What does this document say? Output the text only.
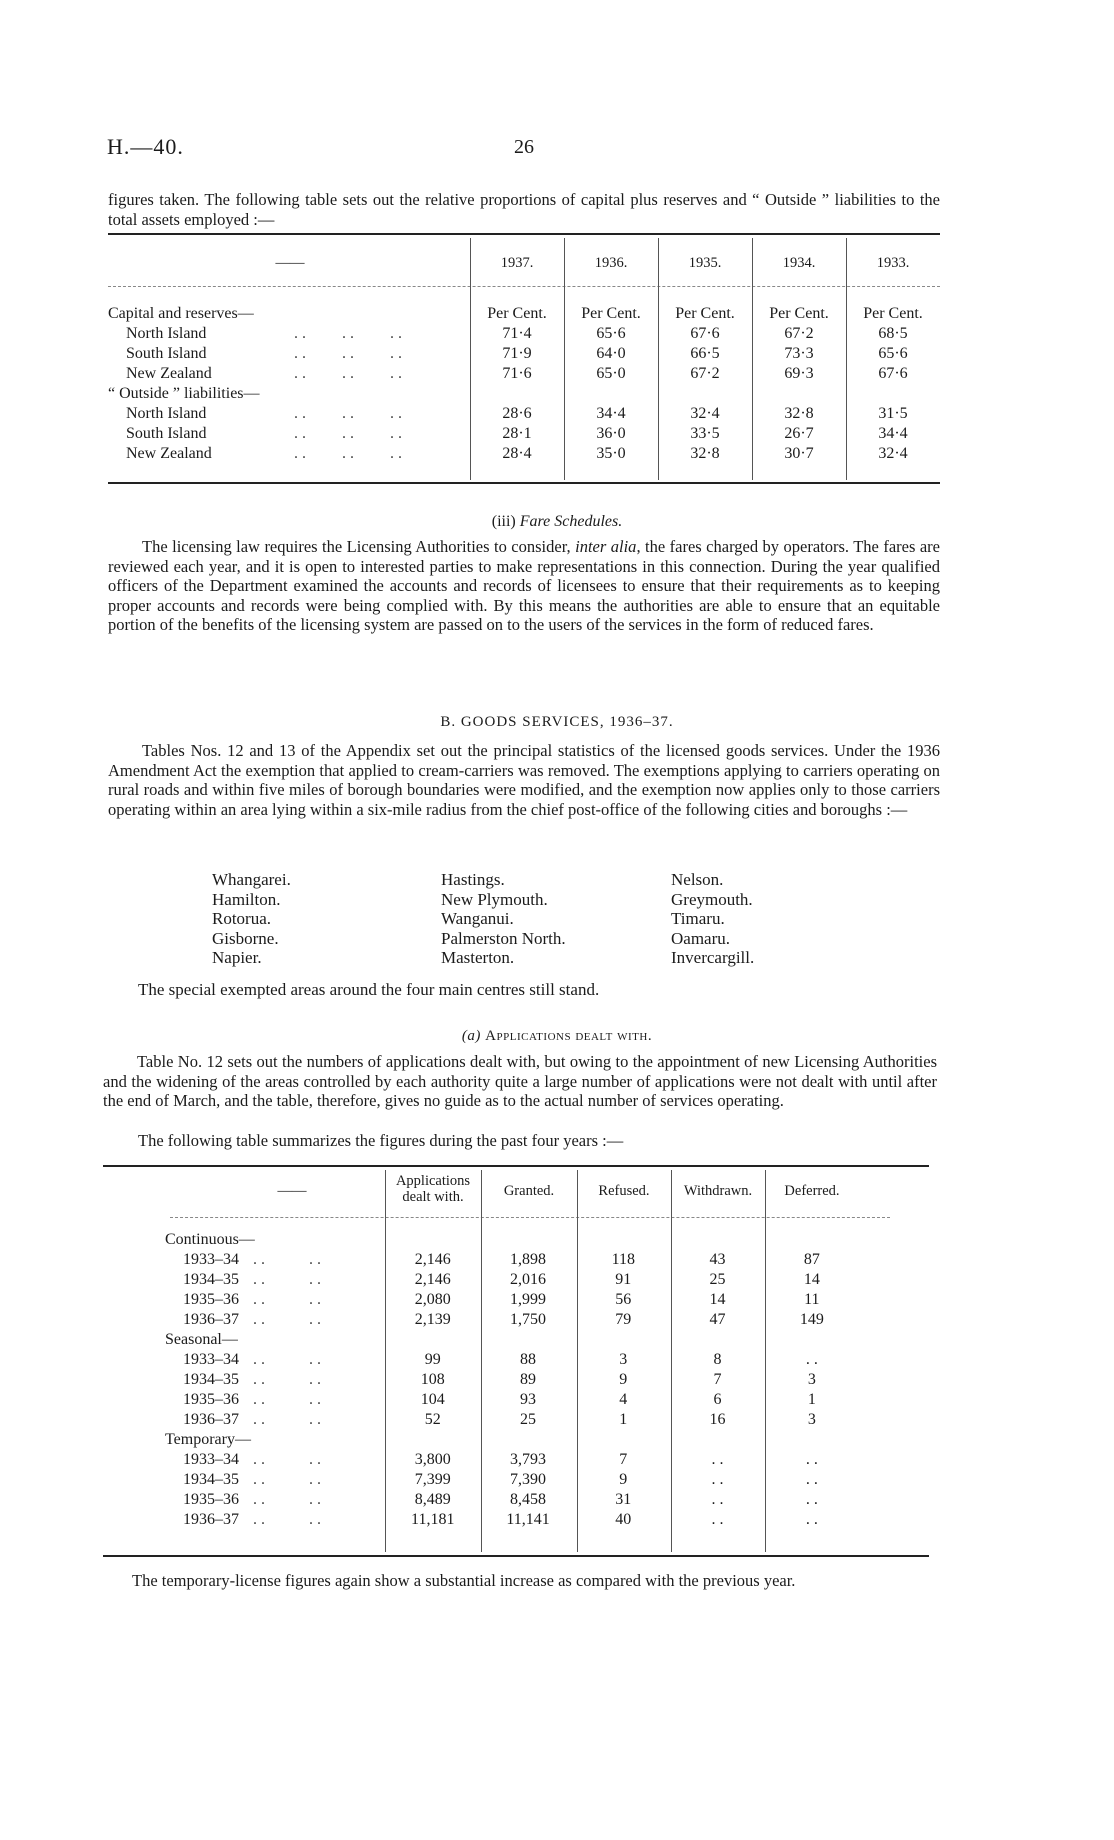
H.—40.	26

figures taken. The following table sets out the relative proportions of capital plus reserves and “ Outside ” liabilities to the total assets employed :—

——	1937.	1936.	1935.	1934.	1933.
Capital and reserves—	Per Cent.	Per Cent.	Per Cent.	Per Cent.	Per Cent.
North Island . .         . .         . .	71·4	65·6	67·6	67·2	68·5
South Island . .         . .         . .	71·9	64·0	66·5	73·3	65·6
New Zealand . .         . .         . .	71·6	65·0	67·2	69·3	67·6
“ Outside ” liabilities—					
North Island . .         . .         . .	28·6	34·4	32·4	32·8	31·5
South Island . .         . .         . .	28·1	36·0	33·5	26·7	34·4
New Zealand . .         . .         . .	28·4	35·0	32·8	30·7	32·4
(iii) Fare Schedules.

The licensing law requires the Licensing Authorities to consider, inter alia, the fares charged by operators. The fares are reviewed each year, and it is open to interested parties to make representations in this connection. During the year qualified officers of the Department examined the accounts and records of licensees to ensure that their requirements as to keeping proper accounts and records were being complied with. By this means the authorities are able to ensure that an equitable portion of the benefits of the licensing system are passed on to the users of the services in the form of reduced fares.

B. GOODS SERVICES, 1936–37.

Tables Nos. 12 and 13 of the Appendix set out the principal statistics of the licensed goods services. Under the 1936 Amendment Act the exemption that applied to cream-carriers was removed. The exemptions applying to carriers operating on rural roads and within five miles of borough boundaries were modified, and the exemption now applies only to those carriers operating within an area lying within a six-mile radius from the chief post-office of the following cities and boroughs :—

Whangarei.
Hamilton.
Rotorua.
Gisborne.
Napier.
Hastings.
New Plymouth.
Wanganui.
Palmerston North.
Masterton.
Nelson.
Greymouth.
Timaru.
Oamaru.
Invercargill.
The special exempted areas around the four main centres still stand.
(a) Applications dealt with.

Table No. 12 sets out the numbers of applications dealt with, but owing to the appointment of new Licensing Authorities and the widening of the areas controlled by each authority quite a large number of applications were not dealt with until after the end of March, and the table, therefore, gives no guide as to the actual number of services operating.

The following table summarizes the figures during the past four years :—
——
Applications dealt with.	Granted.	Refused.	Withdrawn.	Deferred.
Continuous—					
1933–34 . .           . .	2,146	1,898	118	43	87
1934–35 . .           . .	2,146	2,016	91	25	14
1935–36 . .           . .	2,080	1,999	56	14	11
1936–37 . .           . .	2,139	1,750	79	47	149
Seasonal—					
1933–34 . .           . .	99	88	3	8	. .
1934–35 . .           . .	108	89	9	7	3
1935–36 . .           . .	104	93	4	6	1
1936–37 . .           . .	52	25	1	16	3
Temporary—					
1933–34 . .           . .	3,800	3,793	7	. .	. .
1934–35 . .           . .	7,399	7,390	9	. .	. .
1935–36 . .           . .	8,489	8,458	31	. .	. .
1936–37 . .           . .	11,181	11,141	40	. .	. .

The temporary-license figures again show a substantial increase as compared with the previous year.
